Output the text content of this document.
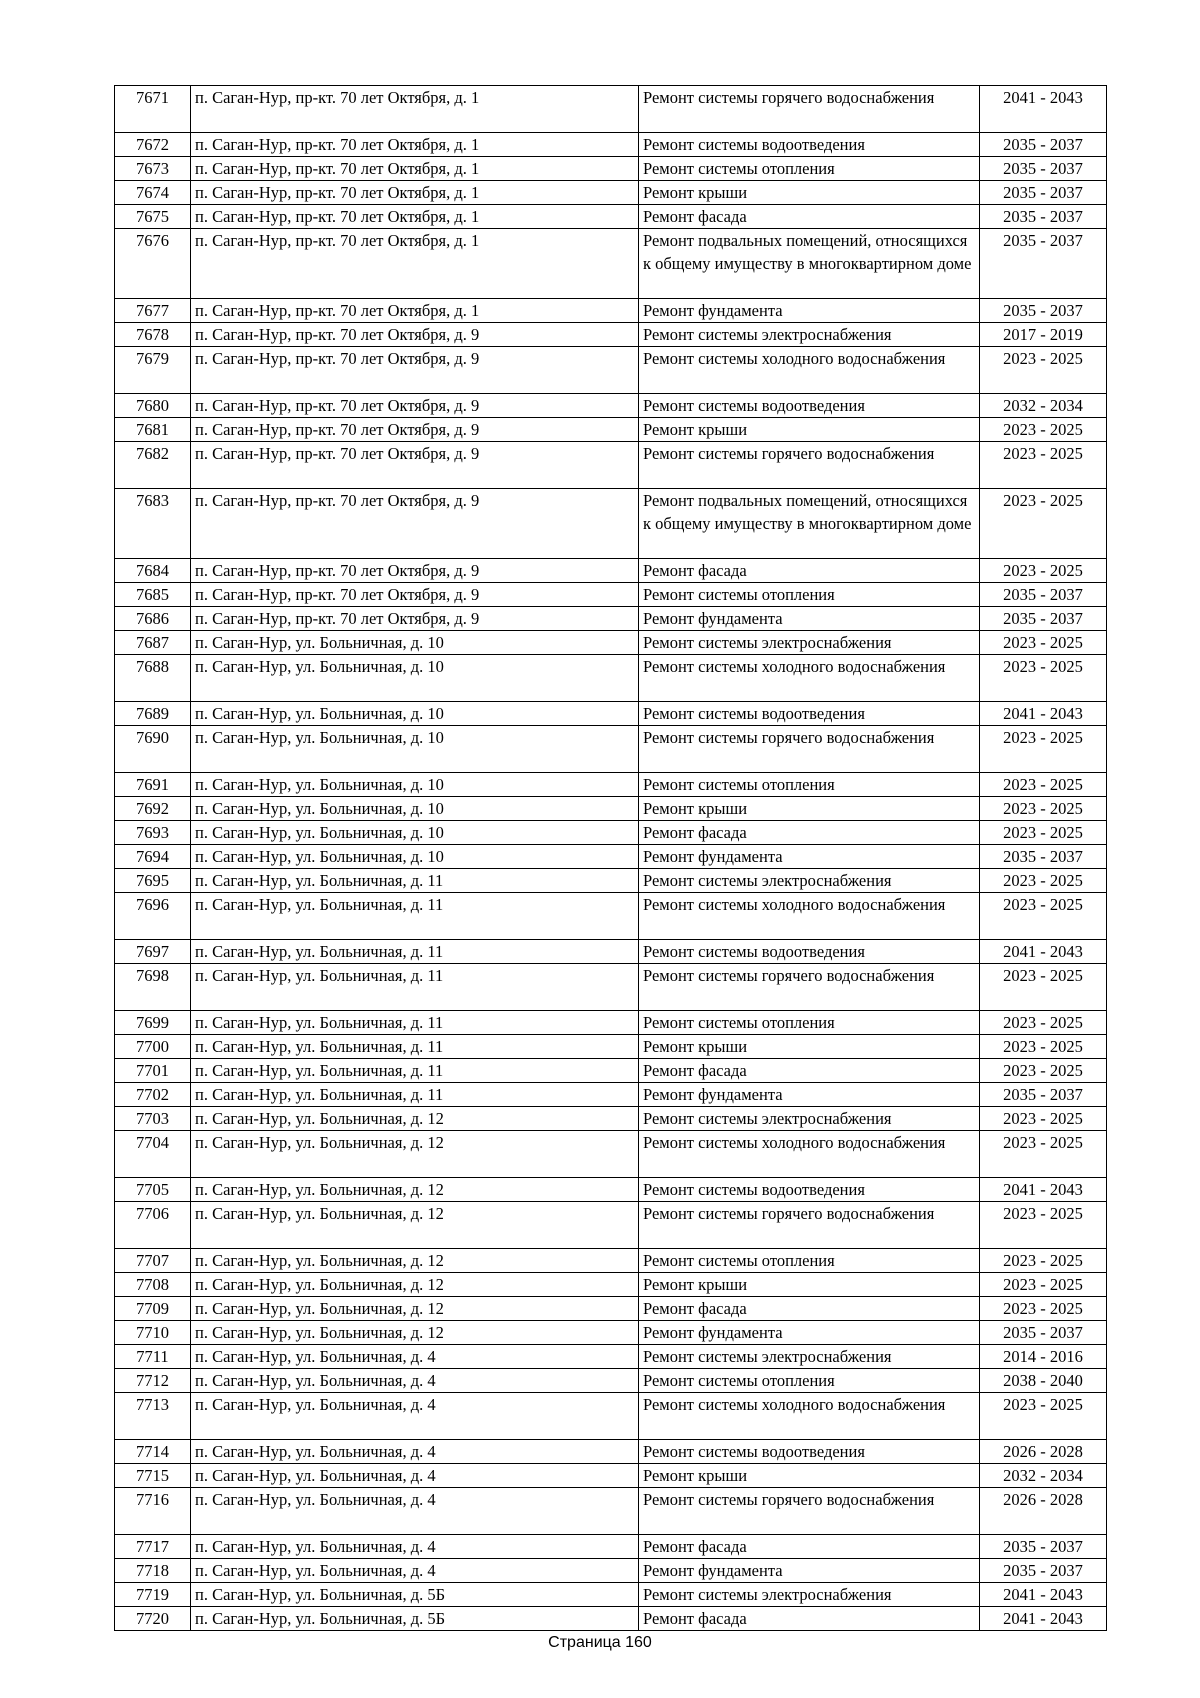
7671	п. Саган-Нур, пр-кт. 70 лет Октября, д. 1	Ремонт системы горячего водоснабжения	2041 - 2043
7672	п. Саган-Нур, пр-кт. 70 лет Октября, д. 1	Ремонт системы водоотведения	2035 - 2037
7673	п. Саган-Нур, пр-кт. 70 лет Октября, д. 1	Ремонт системы отопления	2035 - 2037
7674	п. Саган-Нур, пр-кт. 70 лет Октября, д. 1	Ремонт крыши	2035 - 2037
7675	п. Саган-Нур, пр-кт. 70 лет Октября, д. 1	Ремонт фасада	2035 - 2037
7676	п. Саган-Нур, пр-кт. 70 лет Октября, д. 1	Ремонт подвальных помещений, относящихся к общему имуществу в многоквартирном доме	2035 - 2037
7677	п. Саган-Нур, пр-кт. 70 лет Октября, д. 1	Ремонт фундамента	2035 - 2037
7678	п. Саган-Нур, пр-кт. 70 лет Октября, д. 9	Ремонт системы электроснабжения	2017 - 2019
7679	п. Саган-Нур, пр-кт. 70 лет Октября, д. 9	Ремонт системы холодного водоснабжения	2023 - 2025
7680	п. Саган-Нур, пр-кт. 70 лет Октября, д. 9	Ремонт системы водоотведения	2032 - 2034
7681	п. Саган-Нур, пр-кт. 70 лет Октября, д. 9	Ремонт крыши	2023 - 2025
7682	п. Саган-Нур, пр-кт. 70 лет Октября, д. 9	Ремонт системы горячего водоснабжения	2023 - 2025
7683	п. Саган-Нур, пр-кт. 70 лет Октября, д. 9	Ремонт подвальных помещений, относящихся к общему имуществу в многоквартирном доме	2023 - 2025
7684	п. Саган-Нур, пр-кт. 70 лет Октября, д. 9	Ремонт фасада	2023 - 2025
7685	п. Саган-Нур, пр-кт. 70 лет Октября, д. 9	Ремонт системы отопления	2035 - 2037
7686	п. Саган-Нур, пр-кт. 70 лет Октября, д. 9	Ремонт фундамента	2035 - 2037
7687	п. Саган-Нур, ул. Больничная, д. 10	Ремонт системы электроснабжения	2023 - 2025
7688	п. Саган-Нур, ул. Больничная, д. 10	Ремонт системы холодного водоснабжения	2023 - 2025
7689	п. Саган-Нур, ул. Больничная, д. 10	Ремонт системы водоотведения	2041 - 2043
7690	п. Саган-Нур, ул. Больничная, д. 10	Ремонт системы горячего водоснабжения	2023 - 2025
7691	п. Саган-Нур, ул. Больничная, д. 10	Ремонт системы отопления	2023 - 2025
7692	п. Саган-Нур, ул. Больничная, д. 10	Ремонт крыши	2023 - 2025
7693	п. Саган-Нур, ул. Больничная, д. 10	Ремонт фасада	2023 - 2025
7694	п. Саган-Нур, ул. Больничная, д. 10	Ремонт фундамента	2035 - 2037
7695	п. Саган-Нур, ул. Больничная, д. 11	Ремонт системы электроснабжения	2023 - 2025
7696	п. Саган-Нур, ул. Больничная, д. 11	Ремонт системы холодного водоснабжения	2023 - 2025
7697	п. Саган-Нур, ул. Больничная, д. 11	Ремонт системы водоотведения	2041 - 2043
7698	п. Саган-Нур, ул. Больничная, д. 11	Ремонт системы горячего водоснабжения	2023 - 2025
7699	п. Саган-Нур, ул. Больничная, д. 11	Ремонт системы отопления	2023 - 2025
7700	п. Саган-Нур, ул. Больничная, д. 11	Ремонт крыши	2023 - 2025
7701	п. Саган-Нур, ул. Больничная, д. 11	Ремонт фасада	2023 - 2025
7702	п. Саган-Нур, ул. Больничная, д. 11	Ремонт фундамента	2035 - 2037
7703	п. Саган-Нур, ул. Больничная, д. 12	Ремонт системы электроснабжения	2023 - 2025
7704	п. Саган-Нур, ул. Больничная, д. 12	Ремонт системы холодного водоснабжения	2023 - 2025
7705	п. Саган-Нур, ул. Больничная, д. 12	Ремонт системы водоотведения	2041 - 2043
7706	п. Саган-Нур, ул. Больничная, д. 12	Ремонт системы горячего водоснабжения	2023 - 2025
7707	п. Саган-Нур, ул. Больничная, д. 12	Ремонт системы отопления	2023 - 2025
7708	п. Саган-Нур, ул. Больничная, д. 12	Ремонт крыши	2023 - 2025
7709	п. Саган-Нур, ул. Больничная, д. 12	Ремонт фасада	2023 - 2025
7710	п. Саган-Нур, ул. Больничная, д. 12	Ремонт фундамента	2035 - 2037
7711	п. Саган-Нур, ул. Больничная, д. 4	Ремонт системы электроснабжения	2014 - 2016
7712	п. Саган-Нур, ул. Больничная, д. 4	Ремонт системы отопления	2038 - 2040
7713	п. Саган-Нур, ул. Больничная, д. 4	Ремонт системы холодного водоснабжения	2023 - 2025
7714	п. Саган-Нур, ул. Больничная, д. 4	Ремонт системы водоотведения	2026 - 2028
7715	п. Саган-Нур, ул. Больничная, д. 4	Ремонт крыши	2032 - 2034
7716	п. Саган-Нур, ул. Больничная, д. 4	Ремонт системы горячего водоснабжения	2026 - 2028
7717	п. Саган-Нур, ул. Больничная, д. 4	Ремонт фасада	2035 - 2037
7718	п. Саган-Нур, ул. Больничная, д. 4	Ремонт фундамента	2035 - 2037
7719	п. Саган-Нур, ул. Больничная, д. 5Б	Ремонт системы электроснабжения	2041 - 2043
7720	п. Саган-Нур, ул. Больничная, д. 5Б	Ремонт фасада	2041 - 2043
Страница 160
